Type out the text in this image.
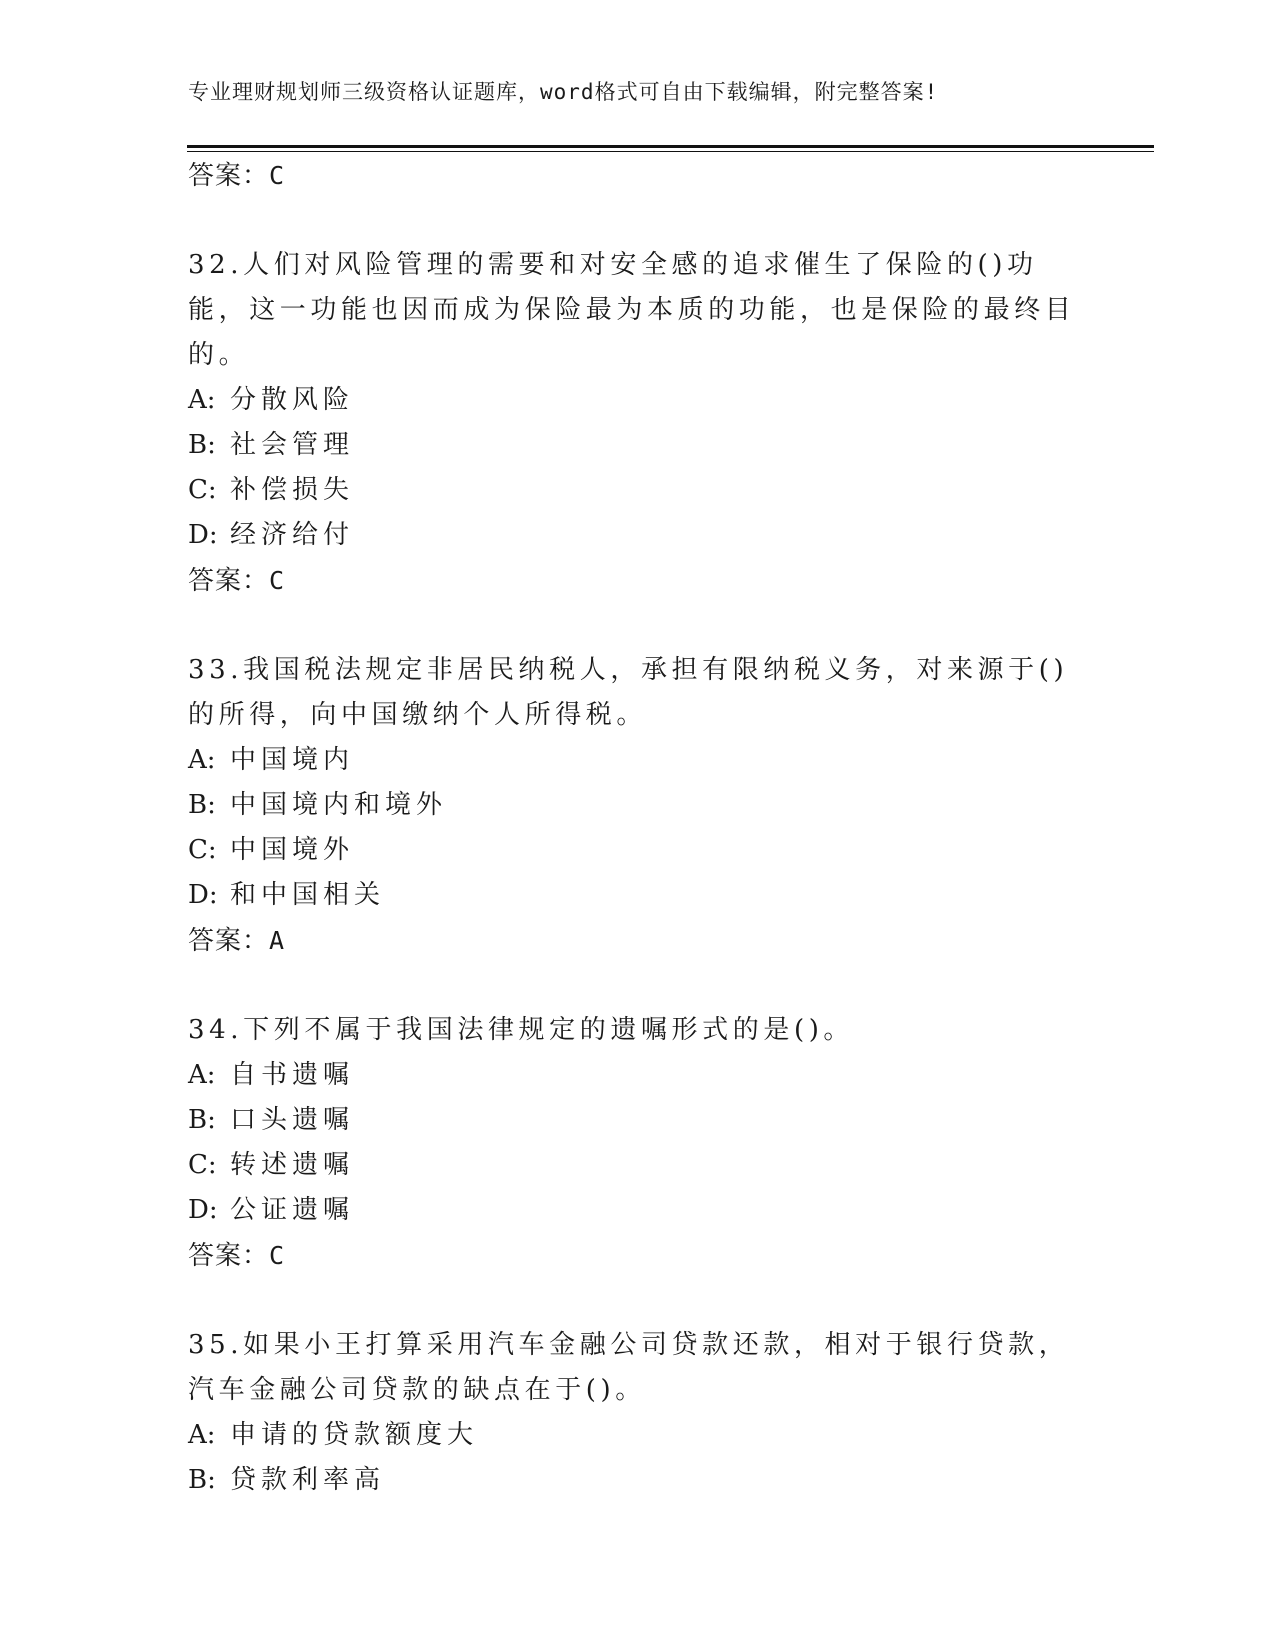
专业理财规划师三级资格认证题库，word格式可自由下载编辑，附完整答案!
答案：C
32.人们对风险管理的需要和对安全感的追求催生了保险的()功能，这一功能也因而成为保险最为本质的功能，也是保险的最终目的。
A: 分散风险
B: 社会管理
C: 补偿损失
D: 经济给付
答案：C
33.我国税法规定非居民纳税人，承担有限纳税义务，对来源于()的所得，向中国缴纳个人所得税。
A: 中国境内
B: 中国境内和境外
C: 中国境外
D: 和中国相关
答案：A
34.下列不属于我国法律规定的遗嘱形式的是()。
A: 自书遗嘱
B: 口头遗嘱
C: 转述遗嘱
D: 公证遗嘱
答案：C
35.如果小王打算采用汽车金融公司贷款还款，相对于银行贷款，汽车金融公司贷款的缺点在于()。
A: 申请的贷款额度大
B: 贷款利率高
